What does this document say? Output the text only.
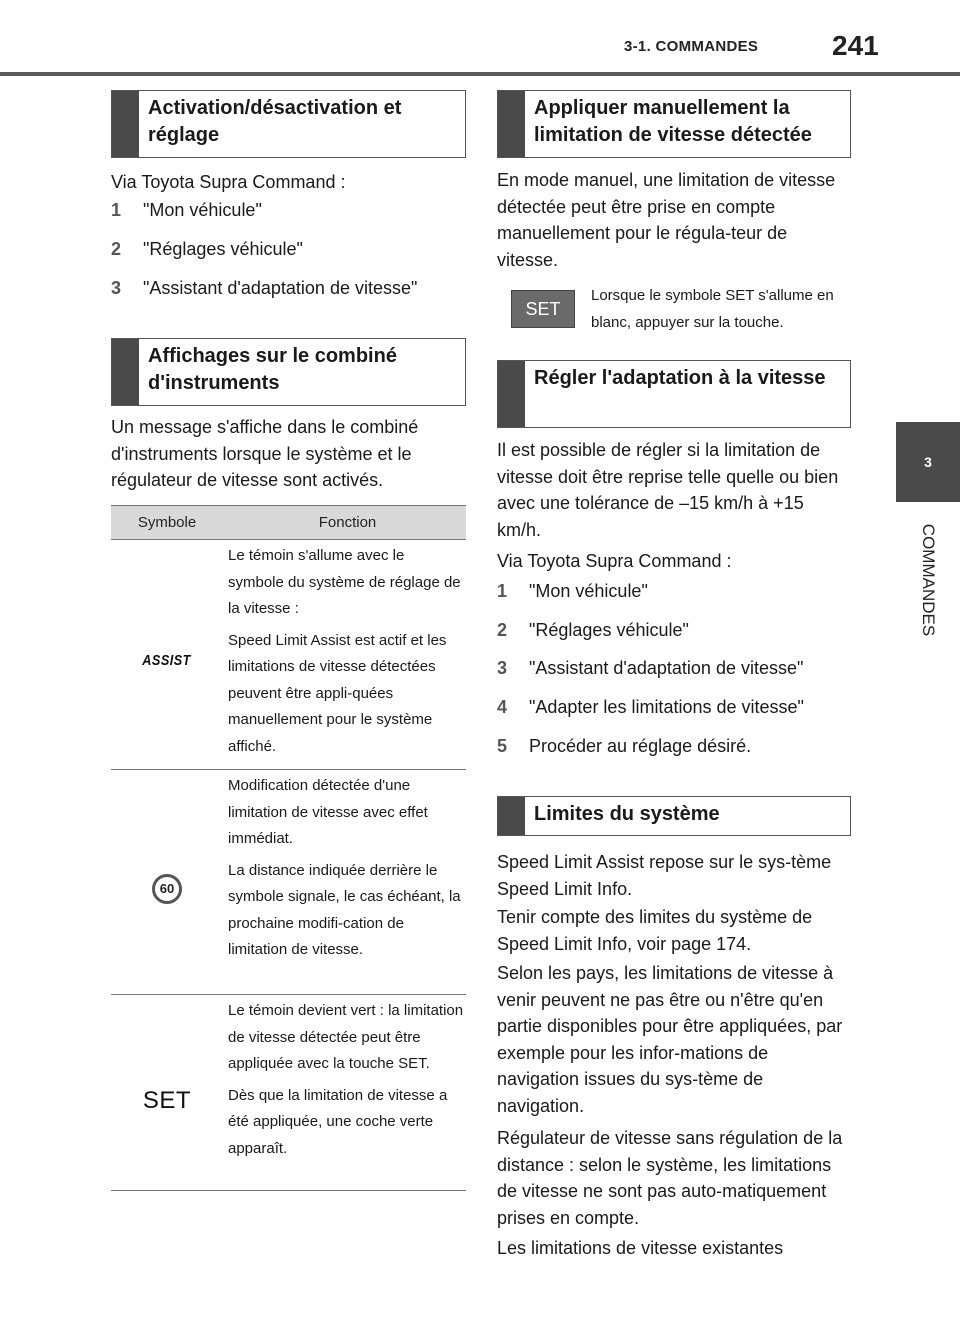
3-1. COMMANDES	241
3
COMMANDES
Activation/désactivation et réglage
Via Toyota Supra Command :
1 "Mon véhicule"
2 "Réglages véhicule"
3 "Assistant d'adaptation de vitesse"
Affichages sur le combiné d'instruments
Un message s'affiche dans le combiné d'instruments lorsque le système et le régulateur de vitesse sont activés.
Symbole	Fonction
ASSIST
Le témoin s'allume avec le symbole du système de réglage de la vitesse :
Speed Limit Assist est actif et les limitations de vitesse détectées peuvent être appli-quées manuellement pour le système affiché.
60
Modification détectée d'une limitation de vitesse avec effet immédiat.
La distance indiquée derrière le symbole signale, le cas échéant, la prochaine modifi-cation de limitation de vitesse.
SET
Le témoin devient vert : la limitation de vitesse détectée peut être appliquée avec la touche SET.
Dès que la limitation de vitesse a été appliquée, une coche verte apparaît.
Appliquer manuellement la limitation de vitesse détectée
En mode manuel, une limitation de vitesse détectée peut être prise en compte manuellement pour le régula-teur de vitesse.
SET
Lorsque le symbole SET s'allume en blanc, appuyer sur la touche.
Régler l'adaptation à la vitesse
Il est possible de régler si la limitation de vitesse doit être reprise telle quelle ou bien avec une tolérance de –15 km/h à +15 km/h.
Via Toyota Supra Command :
1 "Mon véhicule"
2 "Réglages véhicule"
3 "Assistant d'adaptation de vitesse"
4 "Adapter les limitations de vitesse"
5 Procéder au réglage désiré.
Limites du système
Speed Limit Assist repose sur le sys-tème Speed Limit Info.
Tenir compte des limites du système de Speed Limit Info, voir page 174.
Selon les pays, les limitations de vitesse à venir peuvent ne pas être ou n'être qu'en partie disponibles pour être appliquées, par exemple pour les infor-mations de navigation issues du sys-tème de navigation.
Régulateur de vitesse sans régulation de la distance : selon le système, les limitations de vitesse ne sont pas auto-matiquement prises en compte.
Les limitations de vitesse existantes
